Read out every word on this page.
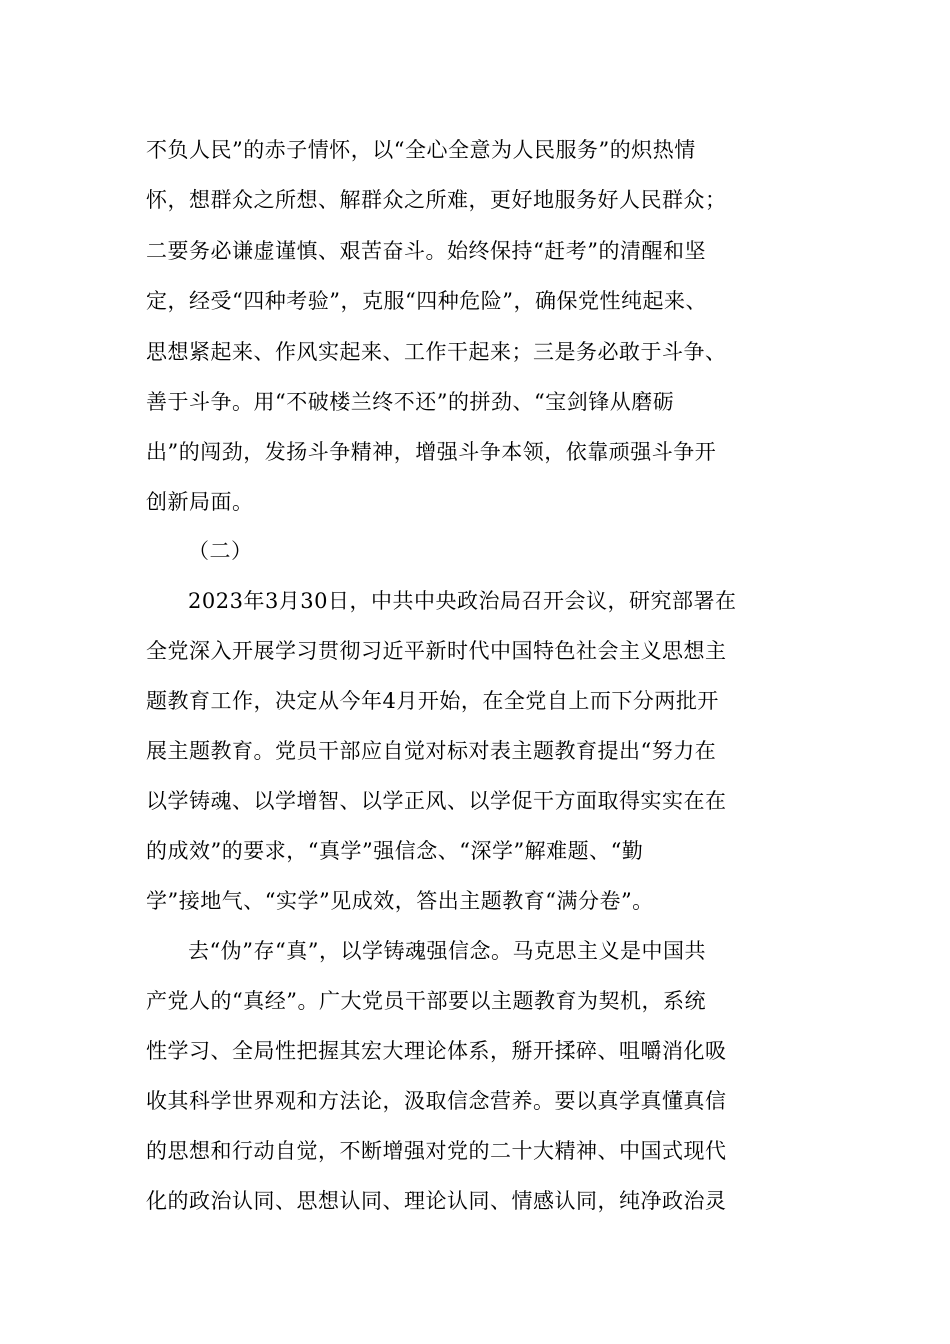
不负人民”的赤子情怀，以“全心全意为人民服务”的炽热情
怀，想群众之所想、解群众之所难，更好地服务好人民群众；
二要务必谦虚谨慎、艰苦奋斗。始终保持“赶考”的清醒和坚
定，经受“四种考验”，克服“四种危险”，确保党性纯起来、
思想紧起来、作风实起来、工作干起来；三是务必敢于斗争、
善于斗争。用“不破楼兰终不还”的拼劲、“宝剑锋从磨砺
出”的闯劲，发扬斗争精神，增强斗争本领，依靠顽强斗争开
创新局面。
（二）
2023年3月30日，中共中央政治局召开会议，研究部署在
全党深入开展学习贯彻习近平新时代中国特色社会主义思想主
题教育工作，决定从今年4月开始，在全党自上而下分两批开
展主题教育。党员干部应自觉对标对表主题教育提出“努力在
以学铸魂、以学增智、以学正风、以学促干方面取得实实在在
的成效”的要求，“真学”强信念、“深学”解难题、“勤
学”接地气、“实学”见成效，答出主题教育“满分卷”。
去“伪”存“真”，以学铸魂强信念。马克思主义是中国共
产党人的“真经”。广大党员干部要以主题教育为契机，系统
性学习、全局性把握其宏大理论体系，掰开揉碎、咀嚼消化吸
收其科学世界观和方法论，汲取信念营养。要以真学真懂真信
的思想和行动自觉，不断增强对党的二十大精神、中国式现代
化的政治认同、思想认同、理论认同、情感认同，纯净政治灵
